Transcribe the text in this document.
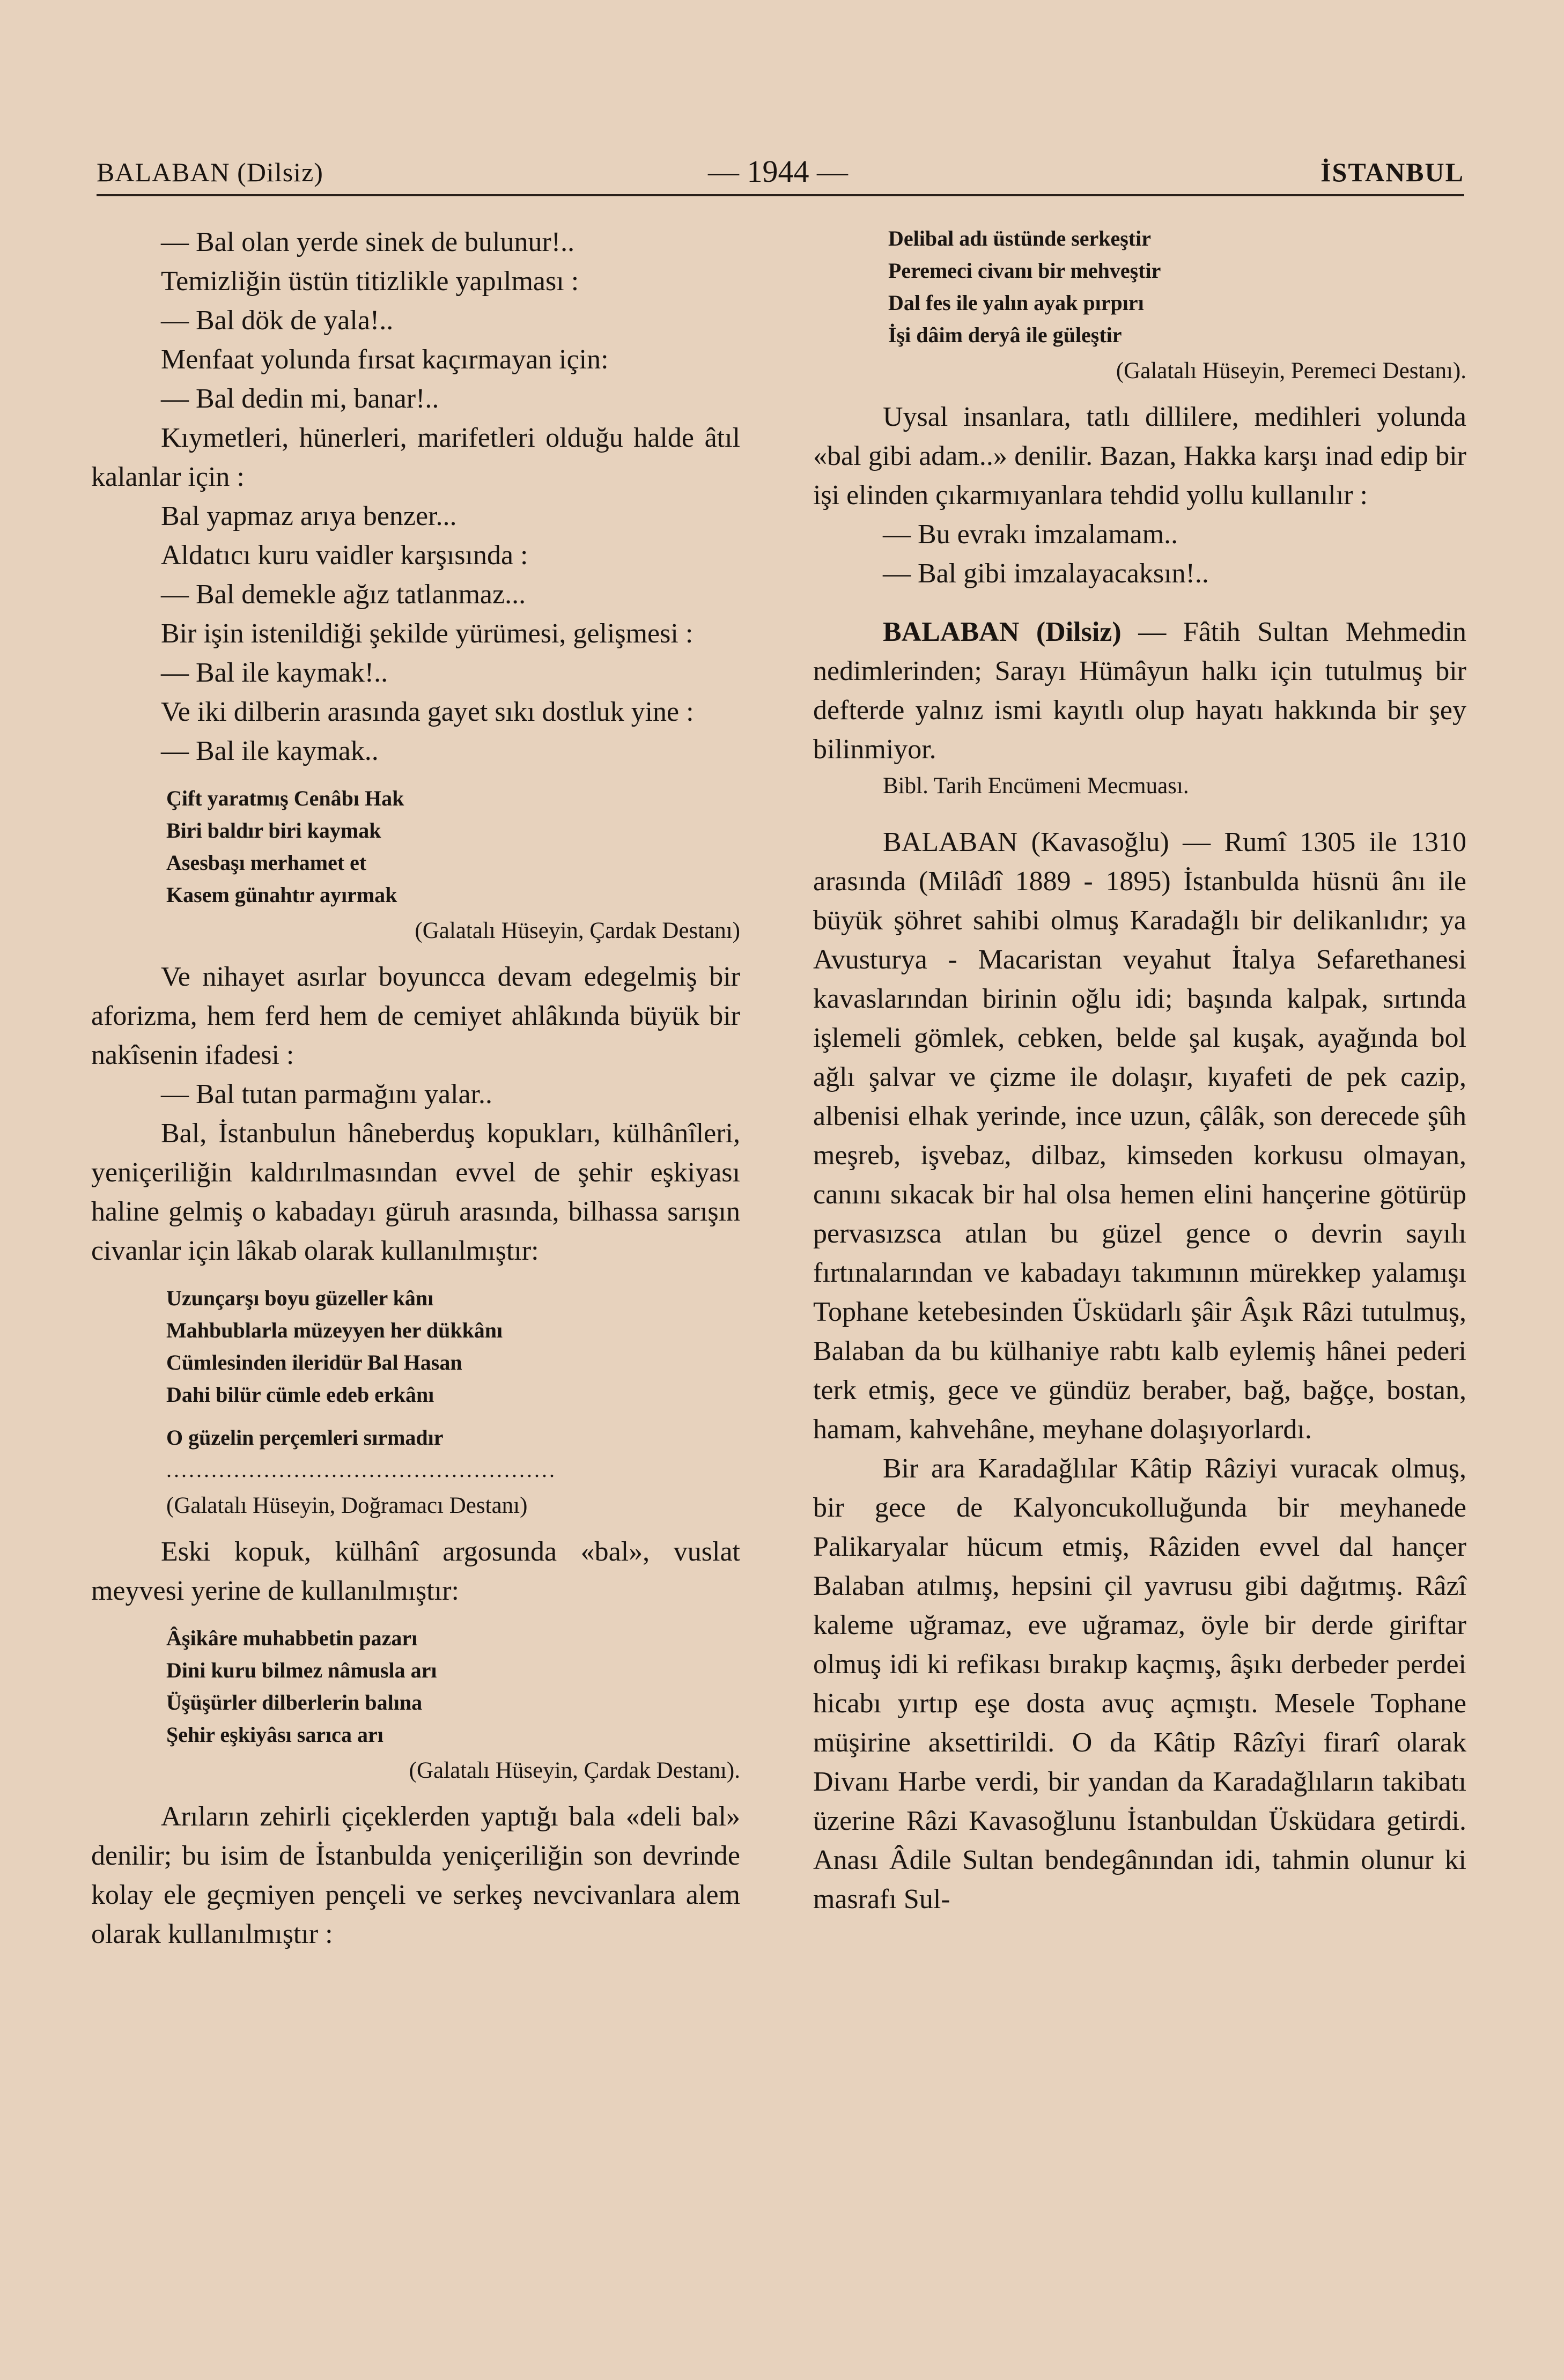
BALABAN (Dilsiz)	— 1944 —	İSTANBUL

— Bal olan yerde sinek de bulunur!..

Temizliğin üstün titizlikle yapılması :

— Bal dök de yala!..

Menfaat yolunda fırsat kaçırmayan için:

— Bal dedin mi, banar!..

Kıymetleri, hünerleri, marifetleri olduğu halde âtıl kalanlar için :

Bal yapmaz arıya benzer...

Aldatıcı kuru vaidler karşısında :

— Bal demekle ağız tatlanmaz...

Bir işin istenildiği şekilde yürümesi, gelişmesi :

— Bal ile kaymak!..

Ve iki dilberin arasında gayet sıkı dostluk yine :

— Bal ile kaymak..

Çift yaratmış Cenâbı Hak

Biri baldır biri kaymak

Asesbaşı merhamet et

Kasem günahtır ayırmak

(Galatalı Hüseyin, Çardak Destanı)

Ve nihayet asırlar boyuncca devam edegelmiş bir aforizma, hem ferd hem de cemiyet ahlâkında büyük bir nakîsenin ifadesi :

— Bal tutan parmağını yalar..

Bal, İstanbulun hâneberduş kopukları, külhânîleri, yeniçeriliğin kaldırılmasından evvel de şehir eşkiyası haline gelmiş o kabadayı güruh arasında, bilhassa sarışın civanlar için lâkab olarak kullanılmıştır:

Uzunçarşı boyu güzeller kânı

Mahbublarla müzeyyen her dükkânı

Cümlesinden ileridür Bal Hasan

Dahi bilür cümle edeb erkânı

O güzelin perçemleri sırmadır

....................................................

(Galatalı Hüseyin, Doğramacı Destanı)

Eski kopuk, külhânî argosunda «bal», vuslat meyvesi yerine de kullanılmıştır:

Âşikâre muhabbetin pazarı

Dini kuru bilmez nâmusla arı

Üşüşürler dilberlerin balına

Şehir eşkiyâsı sarıca arı

(Galatalı Hüseyin, Çardak Destanı).

Arıların zehirli çiçeklerden yaptığı bala «deli bal» denilir; bu isim de İstanbulda yeniçeriliğin son devrinde kolay ele geçmiyen pençeli ve serkeş nevcivanlara alem olarak kullanılmıştır :

Delibal adı üstünde serkeştir

Peremeci civanı bir mehveştir

Dal fes ile yalın ayak pırpırı

İşi dâim deryâ ile güleştir

(Galatalı Hüseyin, Peremeci Destanı).

Uysal insanlara, tatlı dillilere, medihleri yolunda «bal gibi adam..» denilir. Bazan, Hakka karşı inad edip bir işi elinden çıkarmıyanlara tehdid yollu kullanılır :

— Bu evrakı imzalamam..

— Bal gibi imzalayacaksın!..

BALABAN (Dilsiz) — Fâtih Sultan Mehmedin nedimlerinden; Sarayı Hümâyun halkı için tutulmuş bir defterde yalnız ismi kayıtlı olup hayatı hakkında bir şey bilinmiyor.

Bibl. Tarih Encümeni Mecmuası.

BALABAN (Kavasoğlu) — Rumî 1305 ile 1310 arasında (Milâdî 1889 - 1895) İstanbulda hüsnü ânı ile büyük şöhret sahibi olmuş Karadağlı bir delikanlıdır; ya Avusturya - Macaristan veyahut İtalya Sefarethanesi kavaslarından birinin oğlu idi; başında kalpak, sırtında işlemeli gömlek, cebken, belde şal kuşak, ayağında bol ağlı şalvar ve çizme ile dolaşır, kıyafeti de pek cazip, albenisi elhak yerinde, ince uzun, çâlâk, son derecede şûh meşreb, işvebaz, dilbaz, kimseden korkusu olmayan, canını sıkacak bir hal olsa hemen elini hançerine götürüp pervasızsca atılan bu güzel gence o devrin sayılı fırtınalarından ve kabadayı takımının mürekkep yalamışı Tophane ketebesinden Üsküdarlı şâir Âşık Râzi tutulmuş, Balaban da bu külhaniye rabtı kalb eylemiş hânei pederi terk etmiş, gece ve gündüz beraber, bağ, bağçe, bostan, hamam, kahvehâne, meyhane dolaşıyorlardı.

Bir ara Karadağlılar Kâtip Râziyi vuracak olmuş, bir gece de Kalyoncukolluğunda bir meyhanede Palikaryalar hücum etmiş, Râziden evvel dal hançer Balaban atılmış, hepsini çil yavrusu gibi dağıtmış. Râzî kaleme uğramaz, eve uğramaz, öyle bir derde giriftar olmuş idi ki refikası bırakıp kaçmış, âşıkı derbeder perdei hicabı yırtıp eşe dosta avuç açmıştı. Mesele Tophane müşirine aksettirildi. O da Kâtip Râzîyi firarî olarak Divanı Harbe verdi, bir yandan da Karadağlıların takibatı üzerine Râzi Kavasoğlunu İstanbuldan Üsküdara getirdi. Anası Âdile Sultan bendegânından idi, tahmin olunur ki masrafı Sul-
